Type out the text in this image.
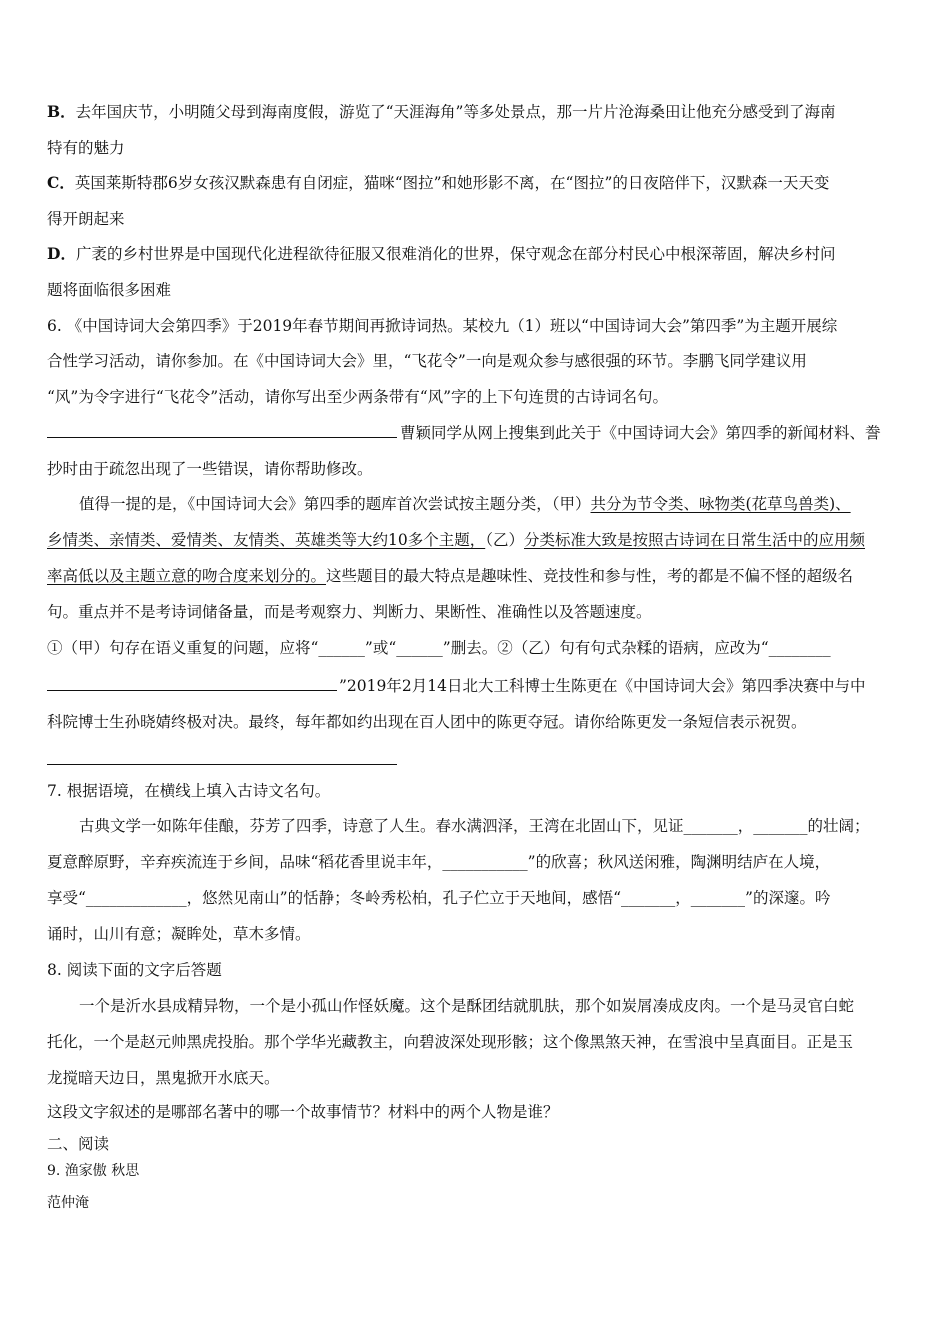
B．去年国庆节，小明随父母到海南度假，游览了“天涯海角”等多处景点，那一片片沧海桑田让他充分感受到了海南
特有的魅力
C．英国莱斯特郡6岁女孩汉默森患有自闭症，猫咪“图拉”和她形影不离，在“图拉”的日夜陪伴下，汉默森一天天变
得开朗起来
D．广袤的乡村世界是中国现代化进程欲待征服又很难消化的世界，保守观念在部分村民心中根深蒂固，解决乡村问
题将面临很多困难
6. 《中国诗词大会第四季》于2019年春节期间再掀诗词热。某校九（1）班以“中国诗词大会”第四季”为主题开展综
合性学习活动，请你参加。在《中国诗词大会》里，“飞花令”一向是观众参与感很强的环节。李鹏飞同学建议用
“风”为令字进行“飞花令”活动，请你写出至少两条带有“风”字的上下句连贯的古诗词名句。
曹颖同学从网上搜集到此关于《中国诗词大会》第四季的新闻材料、誊
抄时由于疏忽出现了一些错误，请你帮助修改。
值得一提的是，《中国诗词大会》第四季的题库首次尝试按主题分类，（甲）共分为节令类、咏物类(花草鸟兽类)、
乡情类、亲情类、爱情类、友情类、英雄类等大约10多个主题，（乙）分类标准大致是按照古诗词在日常生活中的应用频
率高低以及主题立意的吻合度来划分的。这些题目的最大特点是趣味性、竞技性和参与性，考的都是不偏不怪的超级名
句。重点并不是考诗词储备量，而是考观察力、判断力、果断性、准确性以及答题速度。
①（甲）句存在语义重复的问题，应将“______”或“______”删去。②（乙）句有句式杂糅的语病，应改为“________
”2019年2月14日北大工科博士生陈更在《中国诗词大会》第四季决赛中与中
科院博士生孙晓婧终极对决。最终，每年都如约出现在百人团中的陈更夺冠。请你给陈更发一条短信表示祝贺。
7. 根据语境，在横线上填入古诗文名句。
古典文学一如陈年佳酿，芬芳了四季，诗意了人生。春水满泗泽，王湾在北固山下，见证_______，_______的壮阔；
夏意醉原野，辛弃疾流连于乡间，品味“稻花香里说丰年，___________”的欣喜；秋风送闲雅，陶渊明结庐在人境，
享受“_____________，悠然见南山”的恬静；冬岭秀松柏，孔子伫立于天地间，感悟“_______，_______”的深邃。吟
诵时，山川有意；凝眸处，草木多情。
8. 阅读下面的文字后答题
一个是沂水县成精异物，一个是小孤山作怪妖魔。这个是酥团结就肌肤，那个如炭屑凑成皮肉。一个是马灵官白蛇
托化，一个是赵元帅黑虎投胎。那个学华光藏教主，向碧波深处现形骸；这个像黑煞天神，在雪浪中呈真面目。正是玉
龙搅暗天边日，黑鬼掀开水底天。
这段文字叙述的是哪部名著中的哪一个故事情节？材料中的两个人物是谁？
二、阅读
9. 渔家傲 秋思
范仲淹
